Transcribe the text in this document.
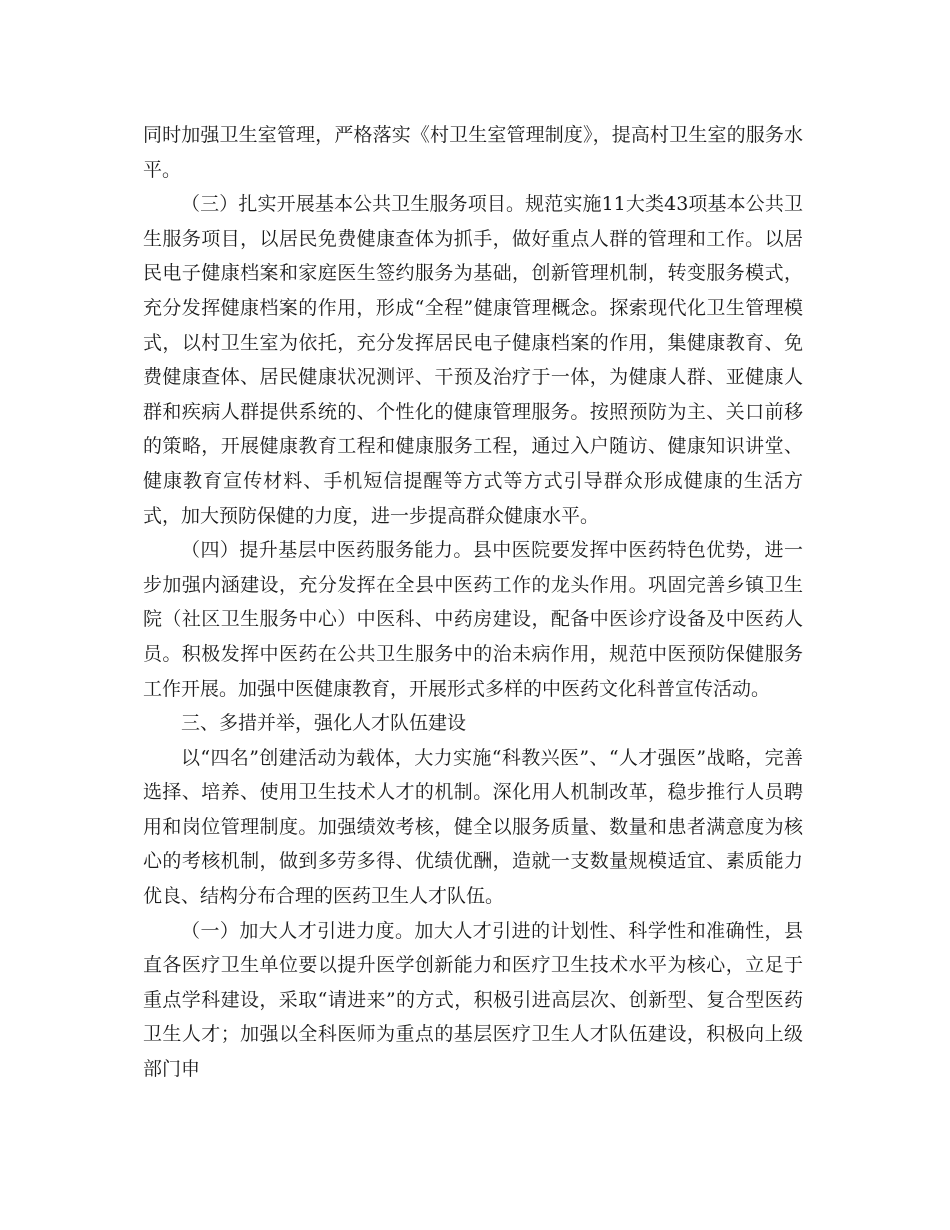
同时加强卫生室管理，严格落实《村卫生室管理制度》，提高村卫生室的服务水平。

（三）扎实开展基本公共卫生服务项目。规范实施11大类43项基本公共卫生服务项目，以居民免费健康查体为抓手，做好重点人群的管理和工作。以居民电子健康档案和家庭医生签约服务为基础，创新管理机制，转变服务模式，充分发挥健康档案的作用，形成“全程”健康管理概念。探索现代化卫生管理模式，以村卫生室为依托，充分发挥居民电子健康档案的作用，集健康教育、免费健康查体、居民健康状况测评、干预及治疗于一体，为健康人群、亚健康人群和疾病人群提供系统的、个性化的健康管理服务。按照预防为主、关口前移的策略，开展健康教育工程和健康服务工程，通过入户随访、健康知识讲堂、健康教育宣传材料、手机短信提醒等方式等方式引导群众形成健康的生活方式，加大预防保健的力度，进一步提高群众健康水平。

（四）提升基层中医药服务能力。县中医院要发挥中医药特色优势，进一步加强内涵建设，充分发挥在全县中医药工作的龙头作用。巩固完善乡镇卫生院（社区卫生服务中心）中医科、中药房建设，配备中医诊疗设备及中医药人员。积极发挥中医药在公共卫生服务中的治未病作用，规范中医预防保健服务工作开展。加强中医健康教育，开展形式多样的中医药文化科普宣传活动。

三、多措并举，强化人才队伍建设

以“四名”创建活动为载体，大力实施“科教兴医”、“人才强医”战略，完善选择、培养、使用卫生技术人才的机制。深化用人机制改革，稳步推行人员聘用和岗位管理制度。加强绩效考核，健全以服务质量、数量和患者满意度为核心的考核机制，做到多劳多得、优绩优酬，造就一支数量规模适宜、素质能力优良、结构分布合理的医药卫生人才队伍。

（一）加大人才引进力度。加大人才引进的计划性、科学性和准确性，县直各医疗卫生单位要以提升医学创新能力和医疗卫生技术水平为核心，立足于重点学科建设，采取“请进来”的方式，积极引进高层次、创新型、复合型医药卫生人才；加强以全科医师为重点的基层医疗卫生人才队伍建设，积极向上级部门申
